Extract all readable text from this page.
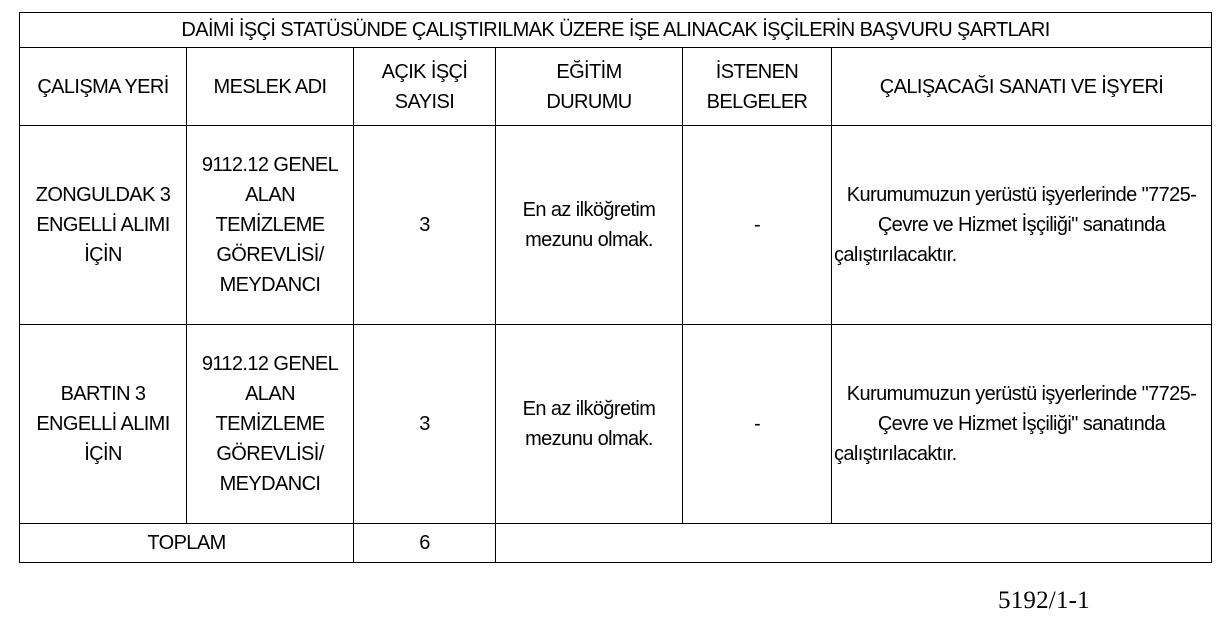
DAİMİ İŞÇİ STATÜSÜNDE ÇALIŞTIRILMAK ÜZERE İŞE ALINACAK İŞÇİLERİN BAŞVURU ŞARTLARI					
ÇALIŞMA YERİ	MESLEK ADI	AÇIK İŞÇİ SAYISI	EĞİTİM DURUMU	İSTENEN BELGELER	ÇALIŞACAĞI SANATI VE İŞYERİ
ZONGULDAK 3 ENGELLİ ALIMI İÇİN	9112.12 GENEL ALAN TEMİZLEME GÖREVLİSİ/ MEYDANCI	3	En az ilköğretim mezunu olmak.	-	Kurumumuzun yerüstü işyerlerinde "7725- Çevre ve Hizmet İşçiliği" sanatında çalıştırılacaktır.
BARTIN 3 ENGELLİ ALIMI İÇİN	9112.12 GENEL ALAN TEMİZLEME GÖREVLİSİ/ MEYDANCI	3	En az ilköğretim mezunu olmak.	-	Kurumumuzun yerüstü işyerlerinde "7725- Çevre ve Hizmet İşçiliği" sanatında çalıştırılacaktır.
TOPLAM		6			
5192/1-1
